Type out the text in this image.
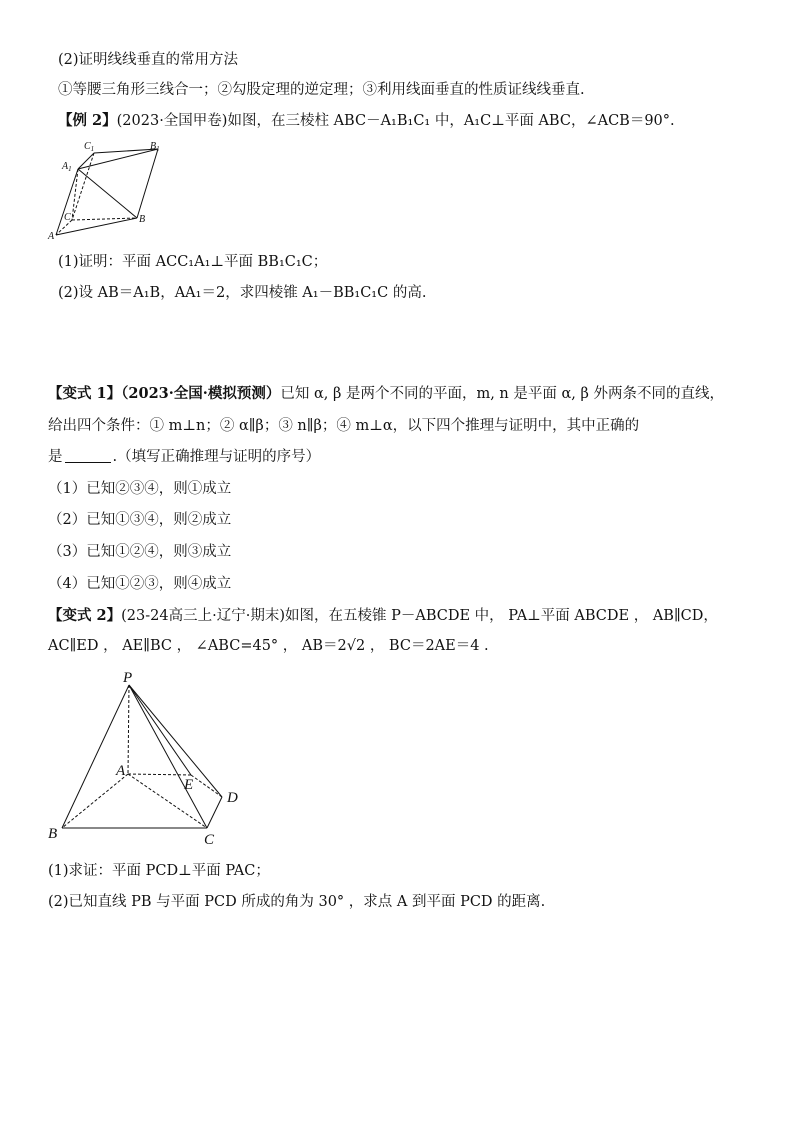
(2)证明线线垂直的常用方法
①等腰三角形三线合一；②勾股定理的逆定理；③利用线面垂直的性质证线线垂直.
【例 2】(2023·全国甲卷)如图，在三棱柱 ABC－A₁B₁C₁ 中，A₁C⊥平面 ABC，∠ACB＝90°.
$C_1$	$B_1$
$A_1$
C	B
A
(1)证明：平面 ACC₁A₁⊥平面 BB₁C₁C；
(2)设 AB＝A₁B，AA₁＝2，求四棱锥 A₁－BB₁C₁C 的高.
【变式 1】（2023·全国·模拟预测）已知 α, β 是两个不同的平面，m, n 是平面 α, β 外两条不同的直线，
给出四个条件：① m⊥n；② α∥β；③ n∥β；④ m⊥α，以下四个推理与证明中，其中正确的
是	.（填写正确推理与证明的序号）
（1）已知②③④，则①成立
（2）已知①③④，则②成立
（3）已知①②④，则③成立
（4）已知①②③，则④成立
【变式 2】(23-24高三上·辽宁·期末)如图，在五棱锥 P－ABCDE 中， PA⊥平面 ABCDE ， AB∥CD，
AC∥ED ， AE∥BC ， ∠ABC=45° ， AB＝2√2 ， BC＝2AE＝4 .
P
A
E
D
B	C
(1)求证：平面 PCD⊥平面 PAC；
(2)已知直线 PB 与平面 PCD 所成的角为 30° ，求点 A 到平面 PCD 的距离.
